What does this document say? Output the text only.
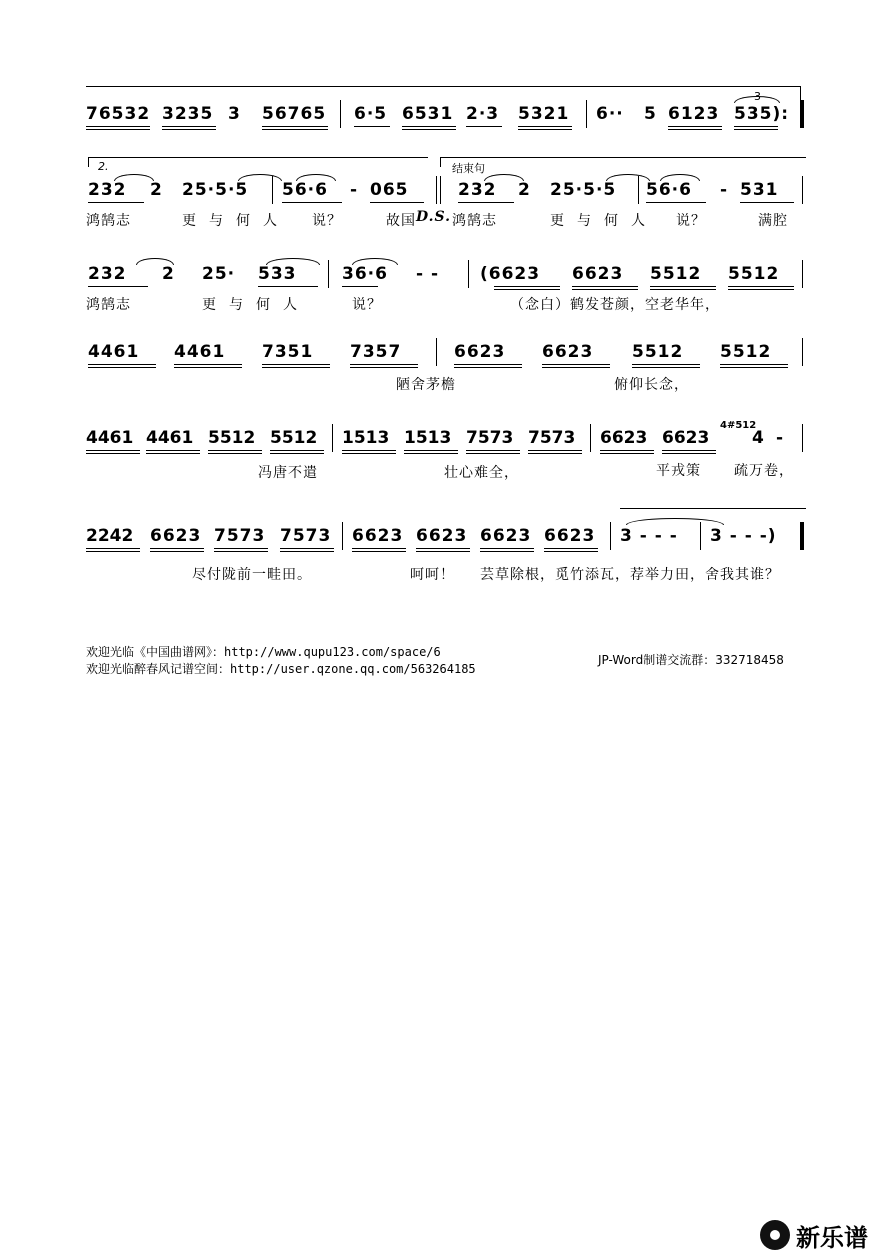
76532 3235 3 56765 6·5 6531 2·3 5321 6·· 5 6123 535):
3
2.	结束句
232 2 25·5·5 56·6 - 065	232 2 25·5·5 56·6 - 531
鸿鹄志	更与何人 说？	故国 D.S. 鸿鹄志	更与何人 说？	满腔
232 2 25· 533	36·6 - - (6623 6623 5512 5512
鸿鹄志	更与何人	说？	（念白）鹤发苍颜，空老华年，
4461 4461 7351 7357	6623 6623 5512 5512
陋舍茅檐	俯仰长念，
4461 4461 5512 5512 1513 1513 7573 7573 6623 6623
4#512
4 -
冯唐不遣	壮心难全，	平戎策 疏万卷，
2242 6623 7573 7573 6623 6623 6623 6623 3 - - - 3 - - -)
尽付陇前一畦田。	呵呵！ 芸草除根，觅竹添瓦，荐举力田，舍我其谁？
欢迎光临《中国曲谱网》：http://www.qupu123.com/space/6
欢迎光临醉春风记谱空间：http://user.qzone.qq.com/563264185
JP-Word制谱交流群：332718458
新乐谱
